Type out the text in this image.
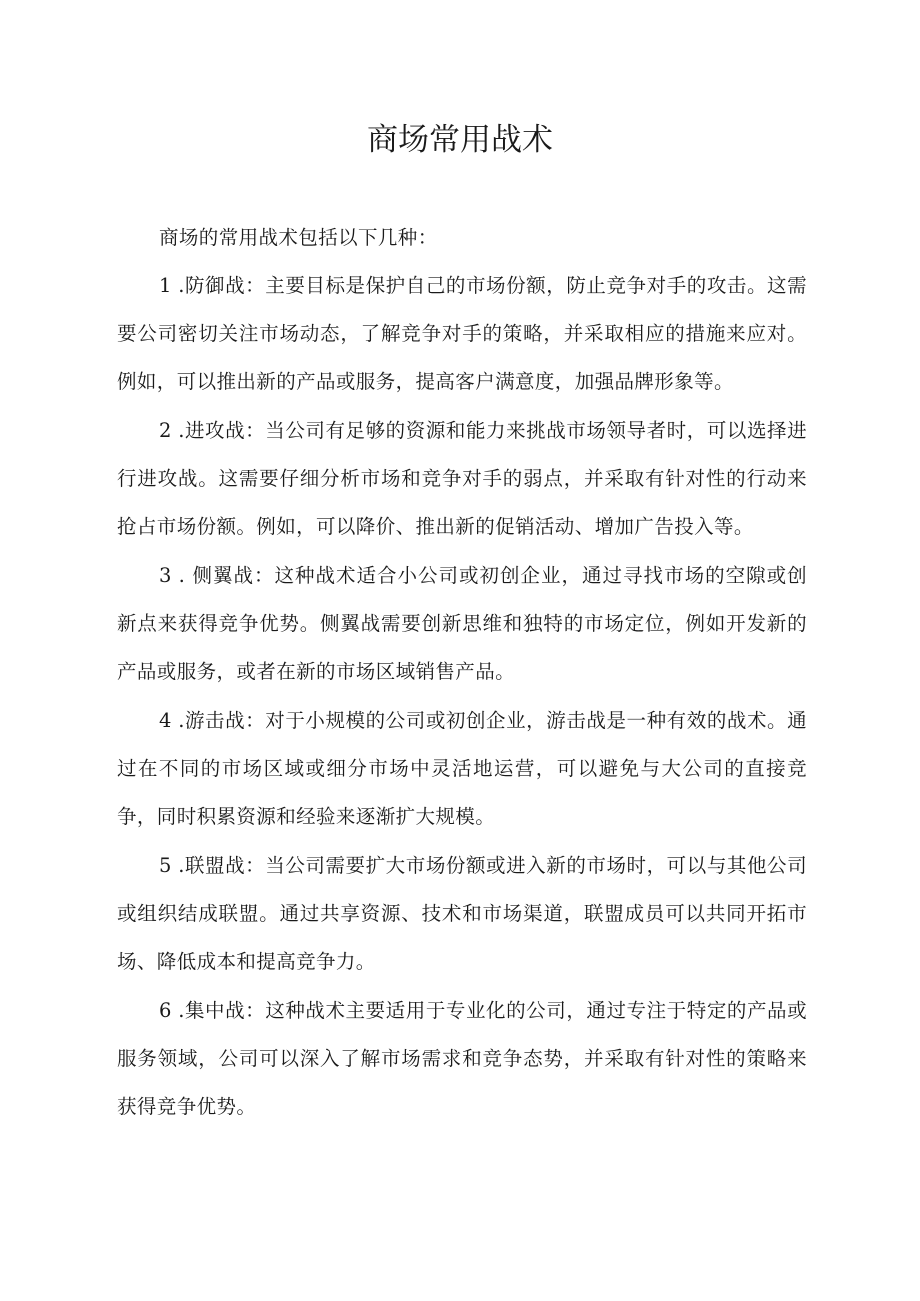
商场常用战术

商场的常用战术包括以下几种：

1 .防御战：主要目标是保护自己的市场份额，防止竞争对手的攻击。这需要公司密切关注市场动态，了解竞争对手的策略，并采取相应的措施来应对。例如，可以推出新的产品或服务，提高客户满意度，加强品牌形象等。

2 .进攻战：当公司有足够的资源和能力来挑战市场领导者时，可以选择进行进攻战。这需要仔细分析市场和竞争对手的弱点，并采取有针对性的行动来抢占市场份额。例如，可以降价、推出新的促销活动、增加广告投入等。

3 . 侧翼战：这种战术适合小公司或初创企业，通过寻找市场的空隙或创新点来获得竞争优势。侧翼战需要创新思维和独特的市场定位，例如开发新的产品或服务，或者在新的市场区域销售产品。

4 .游击战：对于小规模的公司或初创企业，游击战是一种有效的战术。通过在不同的市场区域或细分市场中灵活地运营，可以避免与大公司的直接竞争，同时积累资源和经验来逐渐扩大规模。

5 .联盟战：当公司需要扩大市场份额或进入新的市场时，可以与其他公司或组织结成联盟。通过共享资源、技术和市场渠道，联盟成员可以共同开拓市场、降低成本和提高竞争力。

6 .集中战：这种战术主要适用于专业化的公司，通过专注于特定的产品或服务领域，公司可以深入了解市场需求和竞争态势，并采取有针对性的策略来获得竞争优势。
